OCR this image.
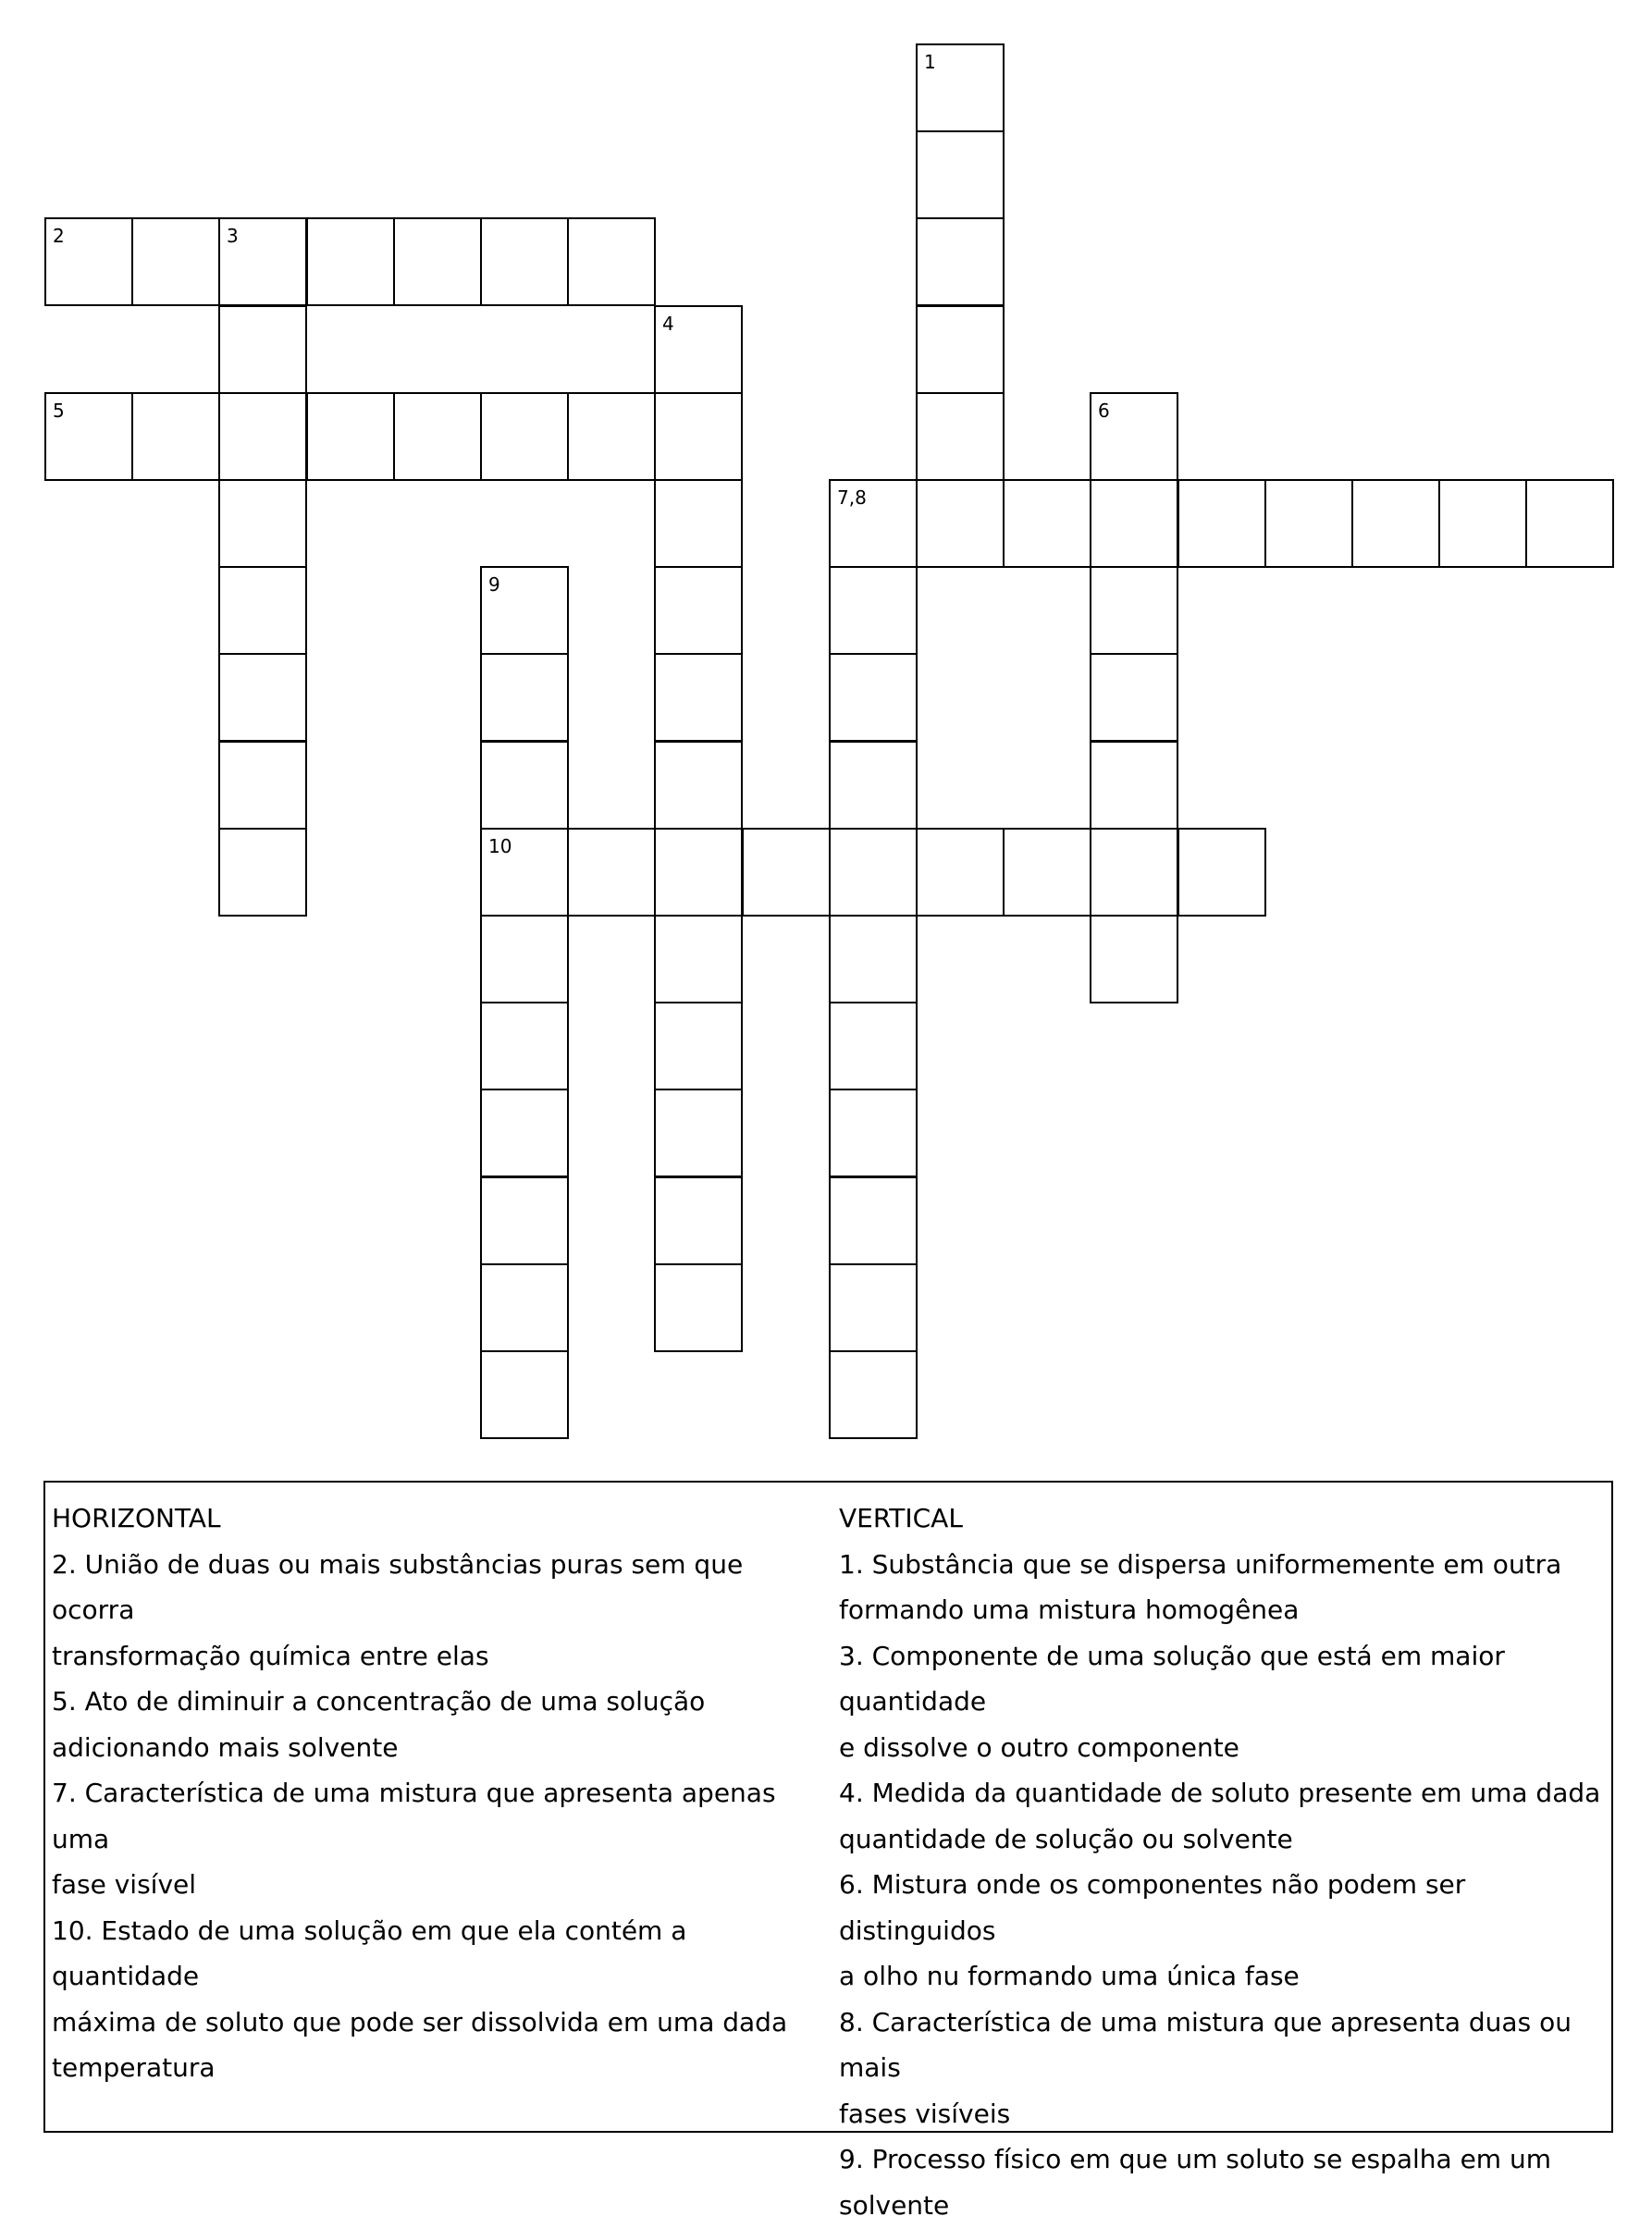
1
2	3
4
5	6
7,8
9
10
HORIZONTAL
2. União de duas ou mais substâncias puras sem que ocorra
transformação química entre elas
5. Ato de diminuir a concentração de uma solução
adicionando mais solvente
7. Característica de uma mistura que apresenta apenas uma
fase visível
10. Estado de uma solução em que ela contém a quantidade
máxima de soluto que pode ser dissolvida em uma dada
temperatura
VERTICAL
1. Substância que se dispersa uniformemente em outra
formando uma mistura homogênea
3. Componente de uma solução que está em maior quantidade
e dissolve o outro componente
4. Medida da quantidade de soluto presente em uma dada
quantidade de solução ou solvente
6. Mistura onde os componentes não podem ser distinguidos
a olho nu formando uma única fase
8. Característica de uma mistura que apresenta duas ou mais
fases visíveis
9. Processo físico em que um soluto se espalha em um
solvente
